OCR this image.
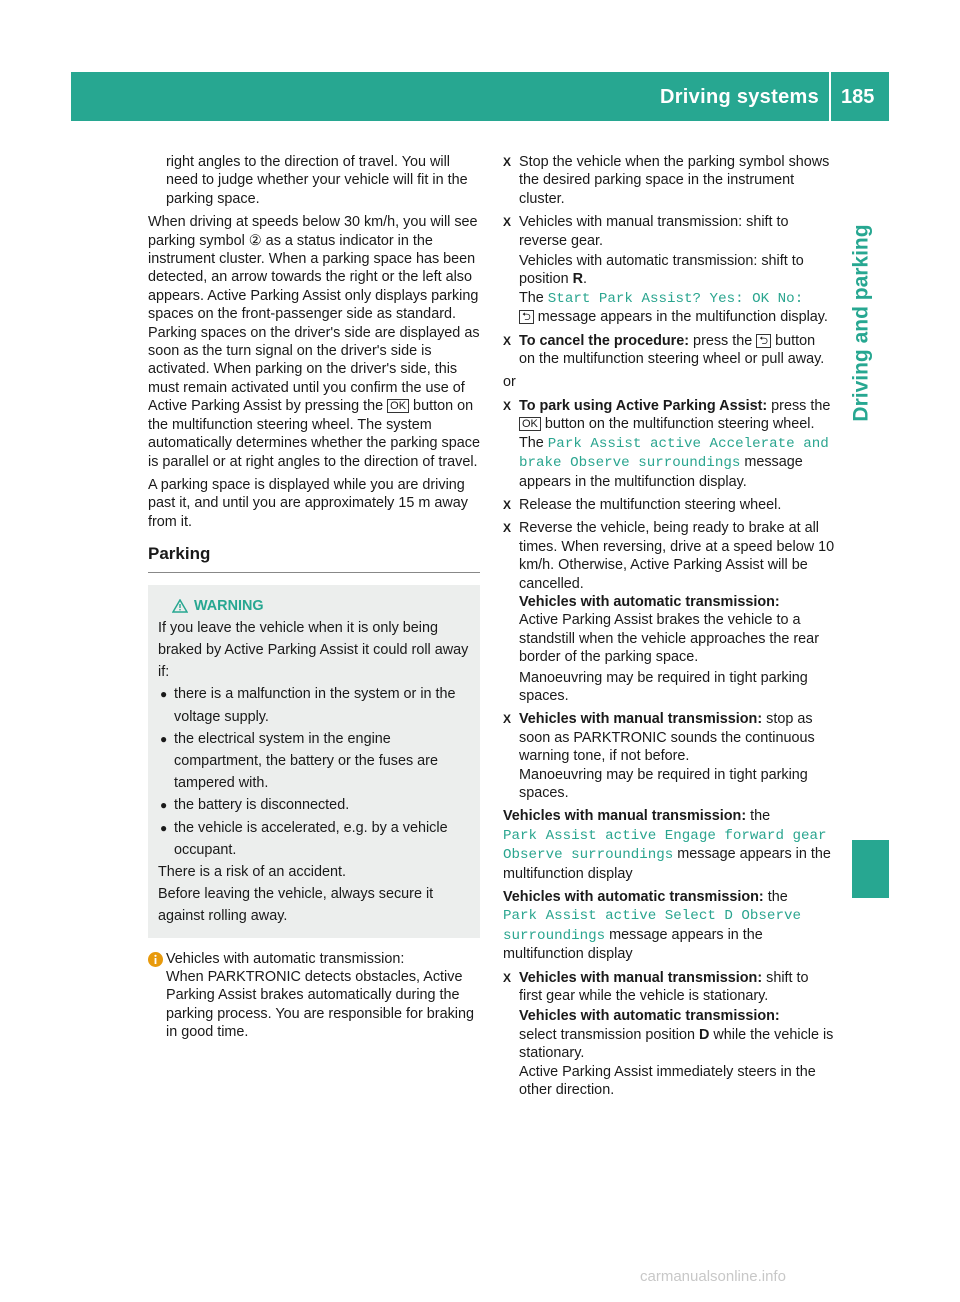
Driving systems 185
Driving and parking

right angles to the direction of travel. You will need to judge whether your vehicle will fit in the parking space.

When driving at speeds below 30 km/h, you will see parking symbol ② as a status indicator in the instrument cluster. When a parking space has been detected, an arrow towards the right or the left also appears. Active Parking Assist only displays parking spaces on the front-passenger side as standard. Parking spaces on the driver's side are displayed as soon as the turn signal on the driver's side is activated. When parking on the driver's side, this must remain activated until you confirm the use of Active Parking Assist by pressing the OK button on the multifunction steering wheel. The system automatically determines whether the parking space is parallel or at right angles to the direction of travel.

A parking space is displayed while you are driving past it, and until you are approximately 15 m away from it.

Parking
WARNING
If you leave the vehicle when it is only being braked by Active Parking Assist it could roll away if:
● there is a malfunction in the system or in the voltage supply.
● the electrical system in the engine compartment, the battery or the fuses are tampered with.
● the battery is disconnected.
● the vehicle is accelerated, e.g. by a vehicle occupant.
There is a risk of an accident.
Before leaving the vehicle, always secure it against rolling away.
Vehicles with automatic transmission:
When PARKTRONIC detects obstacles, Active Parking Assist brakes automatically during the parking process. You are responsible for braking in good time.
X Stop the vehicle when the parking symbol shows the desired parking space in the instrument cluster.
X Vehicles with manual transmission: shift to reverse gear.
Vehicles with automatic transmission: shift to position R.
The Start Park Assist? Yes: OK No:
⮌ message appears in the multifunction display.
X To cancel the procedure: press the ⮌ button on the multifunction steering wheel or pull away.

or

X To park using Active Parking Assist: press the OK button on the multifunction steering wheel.
The Park Assist active Accelerate and brake Observe surroundings message appears in the multifunction display.
X Release the multifunction steering wheel.
X Reverse the vehicle, being ready to brake at all times. When reversing, drive at a speed below 10 km/h. Otherwise, Active Parking Assist will be cancelled.
Vehicles with automatic transmission:
Active Parking Assist brakes the vehicle to a standstill when the vehicle approaches the rear border of the parking space.
Manoeuvring may be required in tight parking spaces.
X Vehicles with manual transmission: stop as soon as PARKTRONIC sounds the continuous warning tone, if not before.
Manoeuvring may be required in tight parking spaces.

Vehicles with manual transmission: the
Park Assist active Engage forward gear Observe surroundings message appears in the multifunction display

Vehicles with automatic transmission: the
Park Assist active Select D Observe surroundings message appears in the multifunction display

X Vehicles with manual transmission: shift to first gear while the vehicle is stationary.
Vehicles with automatic transmission:
select transmission position D while the vehicle is stationary.
Active Parking Assist immediately steers in the other direction.
carmanualsonline.info
